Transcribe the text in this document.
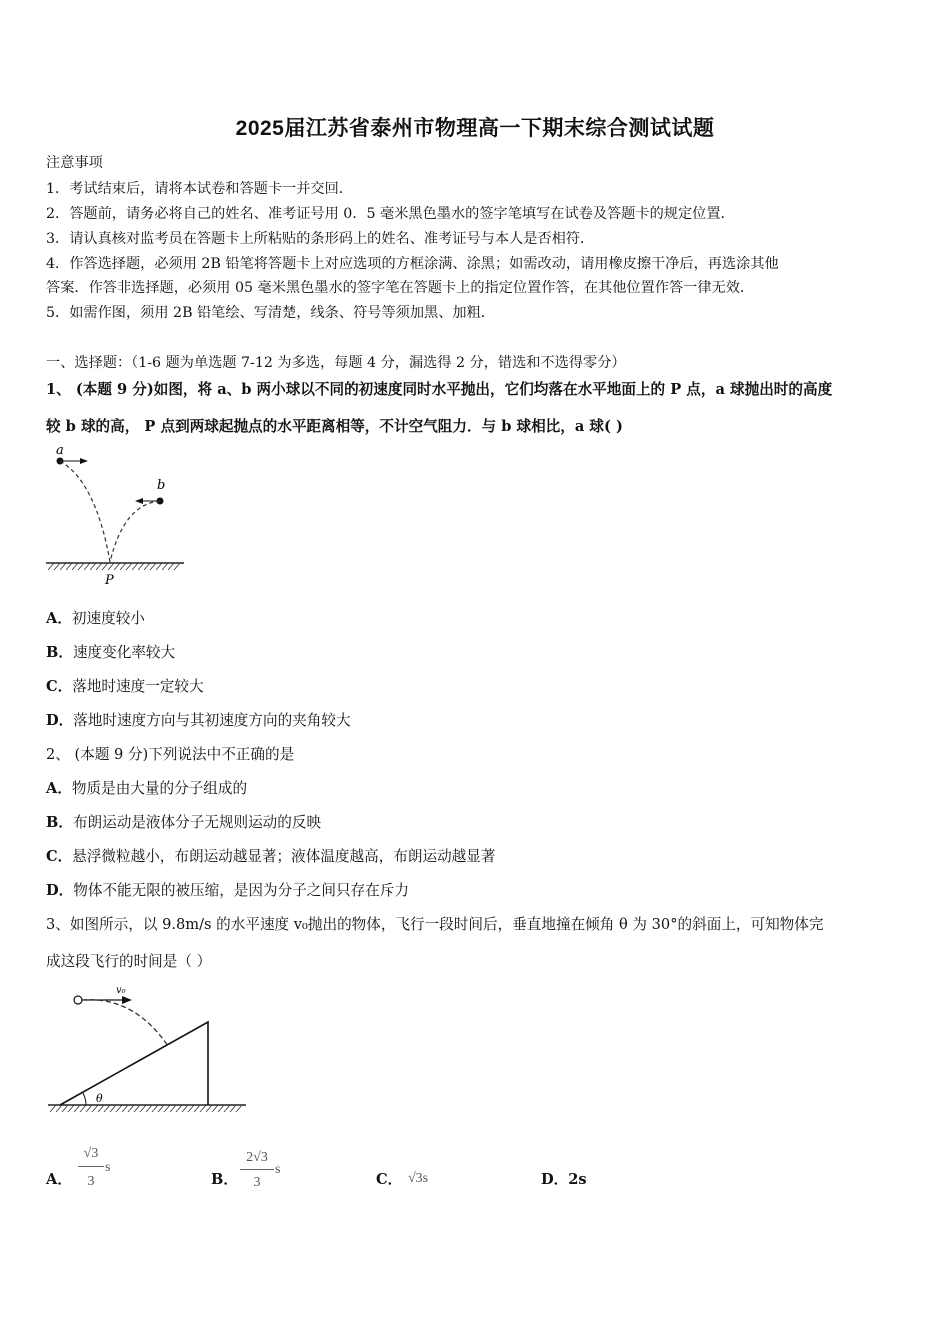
2025届江苏省泰州市物理高一下期末综合测试试题
注意事项
1．考试结束后，请将本试卷和答题卡一并交回．
2．答题前，请务必将自己的姓名、准考证号用 0．5 毫米黑色墨水的签字笔填写在试卷及答题卡的规定位置．
3．请认真核对监考员在答题卡上所粘贴的条形码上的姓名、准考证号与本人是否相符．
4．作答选择题，必须用 2B 铅笔将答题卡上对应选项的方框涂满、涂黑；如需改动，请用橡皮擦干净后，再选涂其他
答案．作答非选择题，必须用 05 毫米黑色墨水的签字笔在答题卡上的指定位置作答，在其他位置作答一律无效．
5．如需作图，须用 2B 铅笔绘、写清楚，线条、符号等须加黑、加粗．
一、选择题：（1-6 题为单选题 7-12 为多选，每题 4 分，漏选得 2 分，错选和不选得零分）
1、 (本题 9 分)如图，将 a、b 两小球以不同的初速度同时水平抛出，它们均落在水平地面上的 P 点，a 球抛出时的高度
较 b 球的高， P 点到两球起抛点的水平距离相等，不计空气阻力．与 b 球相比，a 球( )
a
b
P
A．初速度较小
B．速度变化率较大
C．落地时速度一定较大
D．落地时速度方向与其初速度方向的夹角较大
2、 (本题 9 分)下列说法中不正确的是
A．物质是由大量的分子组成的
B．布朗运动是液体分子无规则运动的反映
C．悬浮微粒越小，布朗运动越显著；液体温度越高，布朗运动越显著
D．物体不能无限的被压缩，是因为分子之间只存在斥力
3、如图所示，以 9.8m/s 的水平速度 v₀抛出的物体，飞行一段时间后，垂直地撞在倾角 θ 为 30°的斜面上，可知物体完
成这段飞行的时间是（ ）
θ
v₀
A．
√3
3
s
B．
2√3
3
s
C． √3s	D．2s
